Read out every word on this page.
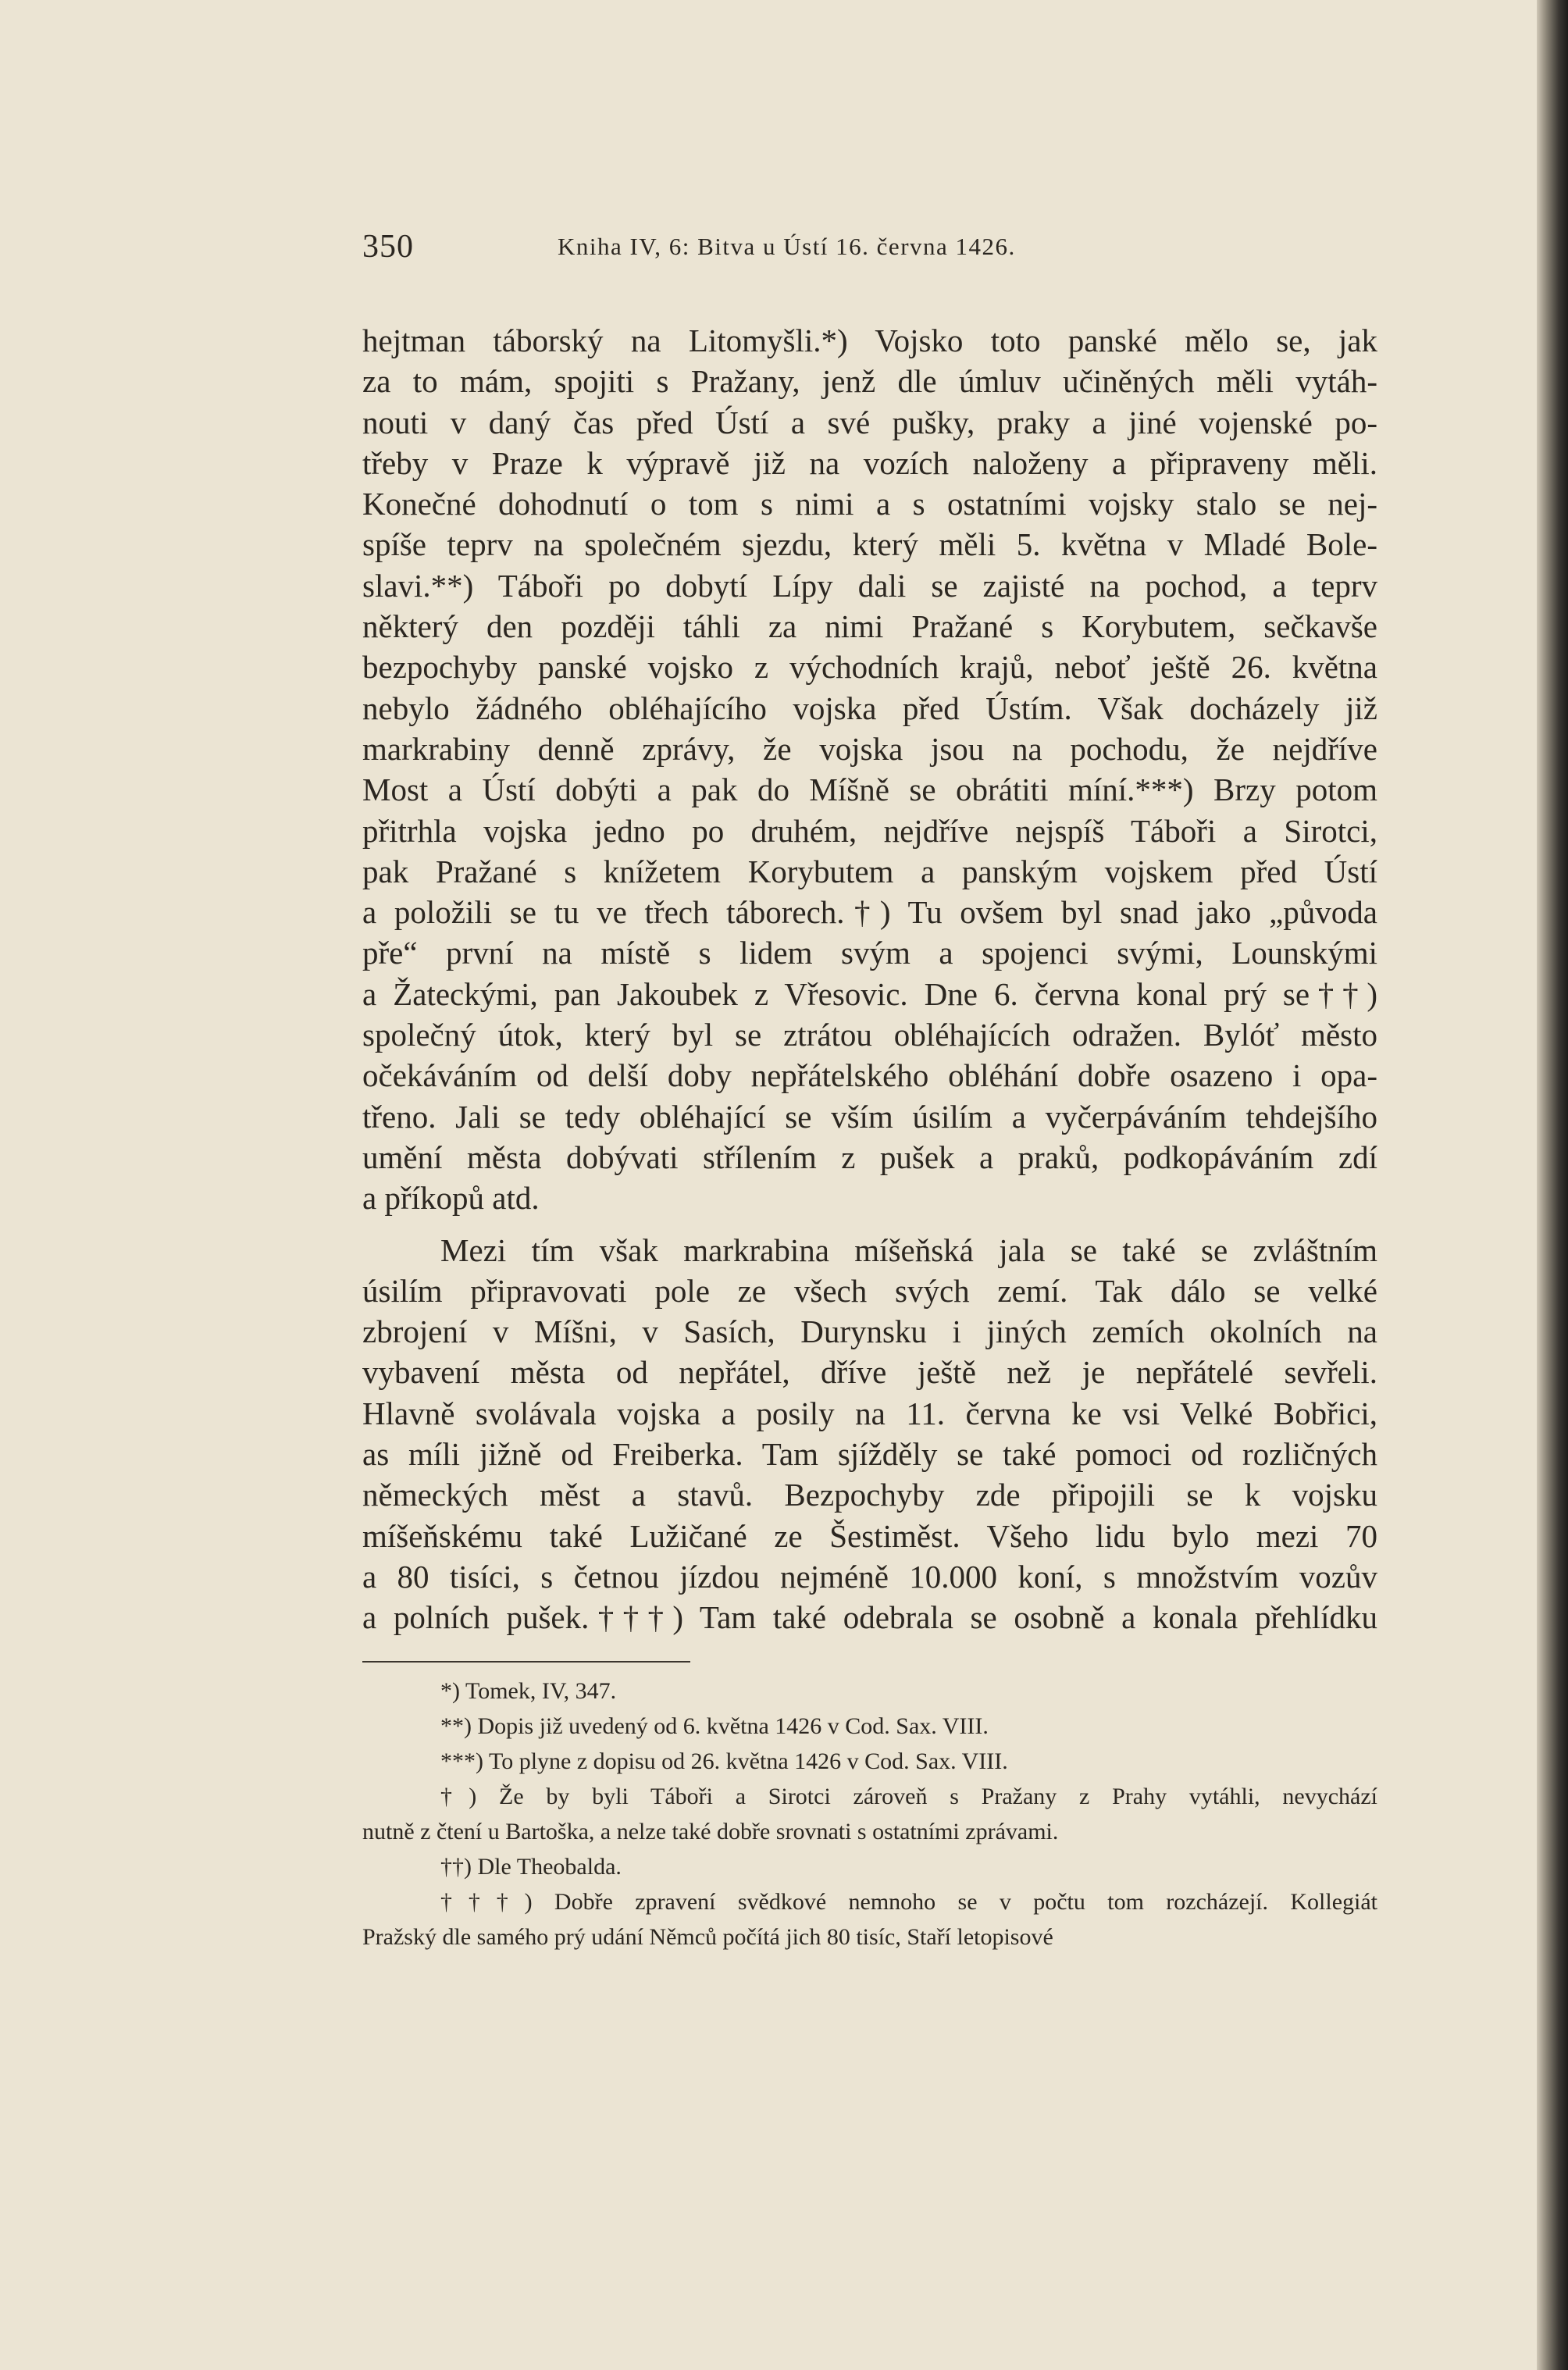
350	Kniha IV, 6: Bitva u Ústí 16. června 1426.
hejtman táborský na Litomyšli.*) Vojsko toto panské mělo se, jak
za to mám, spojiti s Pražany, jenž dle úmluv učiněných měli vytáh-
nouti v daný čas před Ústí a své pušky, praky a jiné vojenské po-
třeby v Praze k výpravě již na vozích naloženy a připraveny měli.
Konečné dohodnutí o tom s nimi a s ostatními vojsky stalo se nej-
spíše teprv na společném sjezdu, který měli 5. května v Mladé Bole-
slavi.**) Táboři po dobytí Lípy dali se zajisté na pochod, a teprv
některý den později táhli za nimi Pražané s Korybutem, sečkavše
bezpochyby panské vojsko z východních krajů, neboť ještě 26. května
nebylo žádného obléhajícího vojska před Ústím. Však docházely již
markrabiny denně zprávy, že vojska jsou na pochodu, že nejdříve
Most a Ústí dobýti a pak do Míšně se obrátiti míní.***) Brzy potom
přitrhla vojska jedno po druhém, nejdříve nejspíš Táboři a Sirotci,
pak Pražané s knížetem Korybutem a panským vojskem před Ústí
a položili se tu ve třech táborech.†) Tu ovšem byl snad jako „původa
pře“ první na místě s lidem svým a spojenci svými, Lounskými
a Žateckými, pan Jakoubek z Vřesovic. Dne 6. června konal prý se††)
společný útok, který byl se ztrátou obléhajících odražen. Bylóť město
očekáváním od delší doby nepřátelského obléhání dobře osazeno i opa-
třeno. Jali se tedy obléhající se vším úsilím a vyčerpáváním tehdejšího
umění města dobývati střílením z pušek a praků, podkopáváním zdí
a příkopů atd.
Mezi tím však markrabina míšeňská jala se také se zvláštním
úsilím připravovati pole ze všech svých zemí. Tak dálo se velké
zbrojení v Míšni, v Sasích, Durynsku i jiných zemích okolních na
vybavení města od nepřátel, dříve ještě než je nepřátelé sevřeli.
Hlavně svolávala vojska a posily na 11. června ke vsi Velké Bobřici,
as míli jižně od Freiberka. Tam sjížděly se také pomoci od rozličných
německých měst a stavů. Bezpochyby zde připojili se k vojsku
míšeňskému také Lužičané ze Šestiměst. Všeho lidu bylo mezi 70
a 80 tisíci, s četnou jízdou nejméně 10.000 koní, s množstvím vozův
a polních pušek.†††) Tam také odebrala se osobně a konala přehlídku
*) Tomek, IV, 347.
**) Dopis již uvedený od 6. května 1426 v Cod. Sax. VIII.
***) To plyne z dopisu od 26. května 1426 v Cod. Sax. VIII.
†) Že by byli Táboři a Sirotci zároveň s Pražany z Prahy vytáhli, nevychází
nutně z čtení u Bartoška, a nelze také dobře srovnati s ostatními zprávami.
††) Dle Theobalda.
†††) Dobře zpravení svědkové nemnoho se v počtu tom rozcházejí. Kollegiát
Pražský dle samého prý udání Němců počítá jich 80 tisíc, Staří letopisové
